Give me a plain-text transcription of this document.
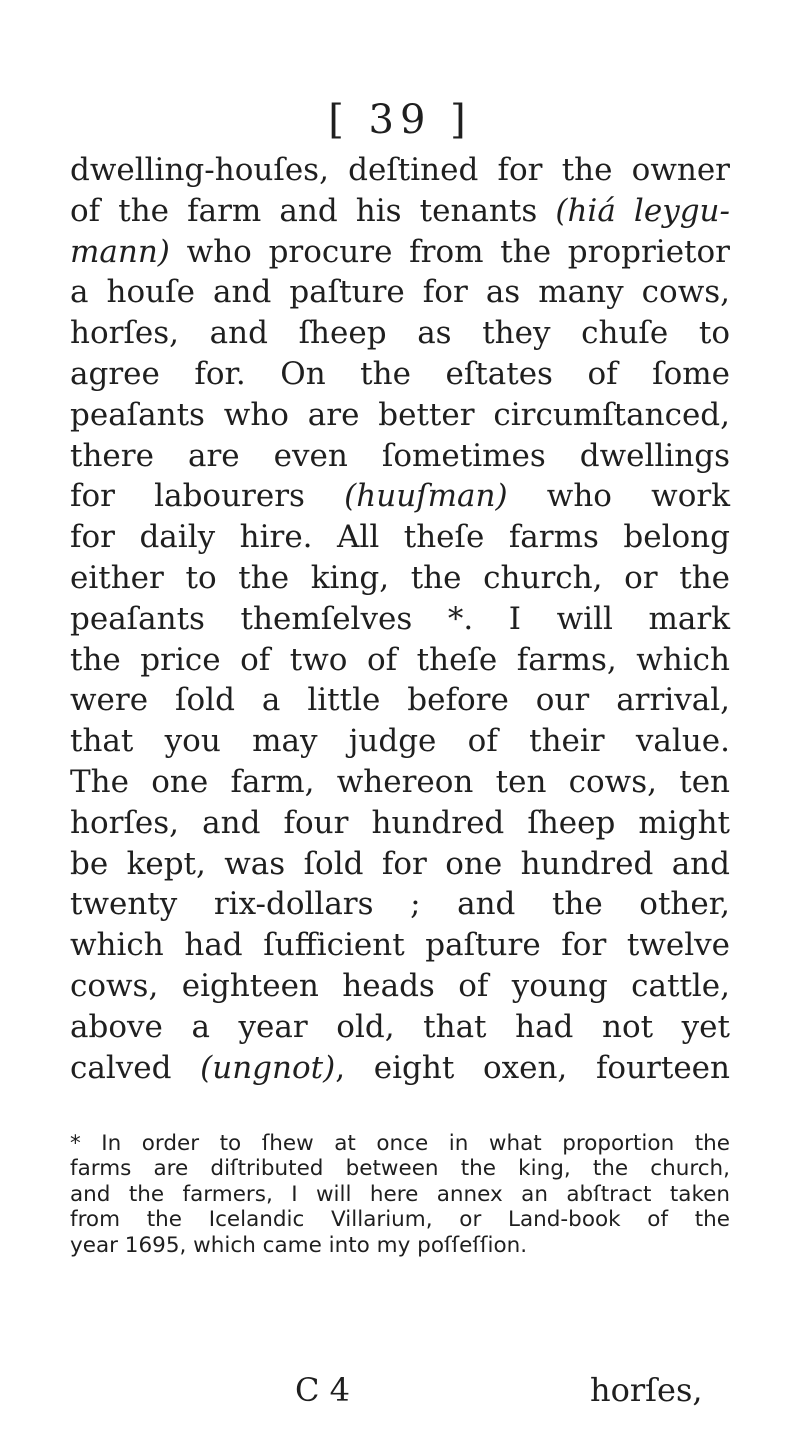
[ 39 ]
dwelling-houſes, deſtined for the owner
of the farm and his tenants (hiá leygu-
mann) who procure from the proprietor
a houſe and paſture for as many cows,
horſes, and ſheep as they chuſe to
agree for. On the eſtates of ſome
peaſants who are better circumſtanced,
there are even ſometimes dwellings
for labourers (huuſman) who work
for daily hire. All theſe farms belong
either to the king, the church, or the
peaſants themſelves *. I will mark
the price of two of theſe farms, which
were ſold a little before our arrival,
that you may judge of their value.
The one farm, whereon ten cows, ten
horſes, and four hundred ſheep might
be kept, was ſold for one hundred and
twenty rix-dollars ; and the other,
which had ſufficient paſture for twelve
cows, eighteen heads of young cattle,
above a year old, that had not yet
calved (ungnot), eight oxen, fourteen
* In order to ſhew at once in what proportion the
farms are diſtributed between the king, the church,
and the farmers, I will here annex an abſtract taken
from the Icelandic Villarium, or Land-book of the
year 1695, which came into my poſſeſſion.
C 4	horſes,
